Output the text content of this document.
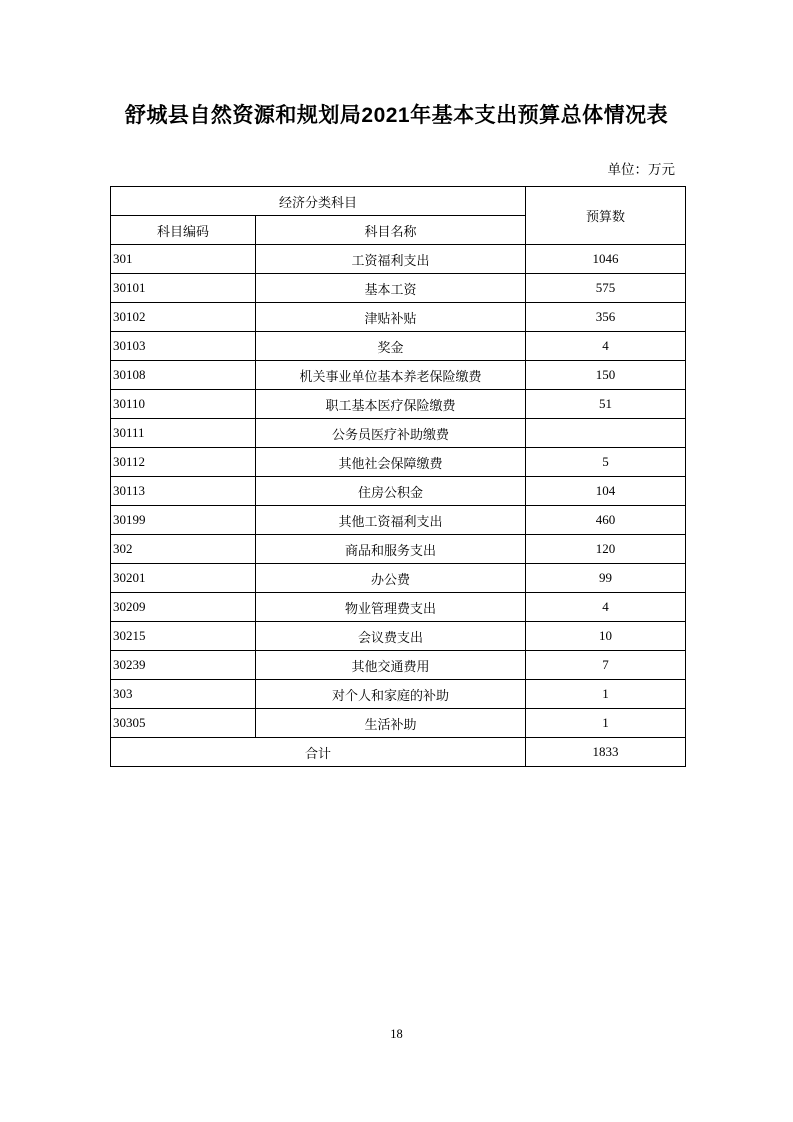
舒城县自然资源和规划局2021年基本支出预算总体情况表
单位：万元
经济分类科目		预算数
科目编码	科目名称	
301	工资福利支出	1046
30101	基本工资	575
30102	津贴补贴	356
30103	奖金	4
30108	机关事业单位基本养老保险缴费	150
30110	职工基本医疗保险缴费	51
30111	公务员医疗补助缴费	
30112	其他社会保障缴费	5
30113	住房公积金	104
30199	其他工资福利支出	460
302	商品和服务支出	120
30201	办公费	99
30209	物业管理费支出	4
30215	会议费支出	10
30239	其他交通费用	7
303	对个人和家庭的补助	1
30305	生活补助	1
合计		1833
18
